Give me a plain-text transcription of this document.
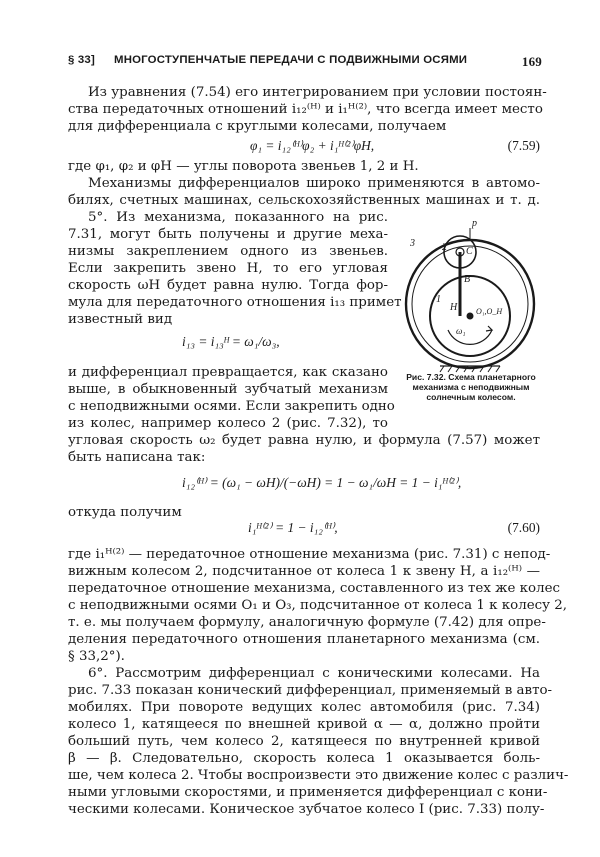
§ 33] МНОГОСТУПЕНЧАТЫЕ ПЕРЕДАЧИ С ПОДВИЖНЫМИ ОСЯМИ	169
Из уравнения (7.54) его интегрированием при условии постоян-
ства передаточных отношений i₁₂⁽ᴴ⁾ и i₁ᴴ⁽²⁾, что всегда имеет место
для дифференциала с круглыми колесами, получаем
φ₁ = i₁₂⁽ᴴ⁾φ₂ + i₁ᴴ⁽²⁾φH,	(7.59)
где φ₁, φ₂ и φH — углы поворота звеньев 1, 2 и H.
Механизмы дифференциалов широко применяются в автомо-
билях, счетных машинах, сельскохозяйственных машинах и т. д.
5°. Из механизма, показанного на рис.
7.31, могут быть получены и другие меха-
низмы закреплением одного из звеньев.
Если закрепить звено H, то его угловая
скорость ωH будет равна нулю. Тогда фор-
мула для передаточного отношения i₁₃ примет
известный вид
i₁₃ = i₁₃ᴴ = ω₁/ω₃,
и дифференциал превращается, как сказано
выше, в обыкновенный зубчатый механизм
с неподвижными осями. Если закрепить одно
из колес, например колесо 2 (рис. 7.32), то
p
3	2 C
B
1
H O₁,O_H
ω₁
Рис. 7.32. Схема планетарного механизма с неподвижным солнечным колесом.
угловая скорость ω₂ будет равна нулю, и формула (7.57) может
быть написана так:
i₁₂⁽ᴴ⁾ = (ω₁ − ωH)/(−ωH) = 1 − ω₁/ωH = 1 − i₁ᴴ⁽²⁾,
откуда получим
i₁ᴴ⁽²⁾ = 1 − i₁₂⁽ᴴ⁾,	(7.60)
где i₁ᴴ⁽²⁾ — передаточное отношение механизма (рис. 7.31) с непод-
вижным колесом 2, подсчитанное от колеса 1 к звену H, а i₁₂⁽ᴴ⁾ —
передаточное отношение механизма, составленного из тех же колес
с неподвижными осями O₁ и O₃, подсчитанное от колеса 1 к колесу 2,
т. е. мы получаем формулу, аналогичную формуле (7.42) для опре-
деления передаточного отношения планетарного механизма (см.
§ 33,2°).
6°. Рассмотрим дифференциал с коническими колесами. На
рис. 7.33 показан конический дифференциал, применяемый в авто-
мобилях. При повороте ведущих колес автомобиля (рис. 7.34)
колесо 1, катящееся по внешней кривой α — α, должно пройти
больший путь, чем колесо 2, катящееся по внутренней кривой
β — β. Следовательно, скорость колеса 1 оказывается боль-
ше, чем колеса 2. Чтобы воспроизвести это движение колес с различ-
ными угловыми скоростями, и применяется дифференциал с кони-
ческими колесами. Коническое зубчатое колесо I (рис. 7.33) полу-
